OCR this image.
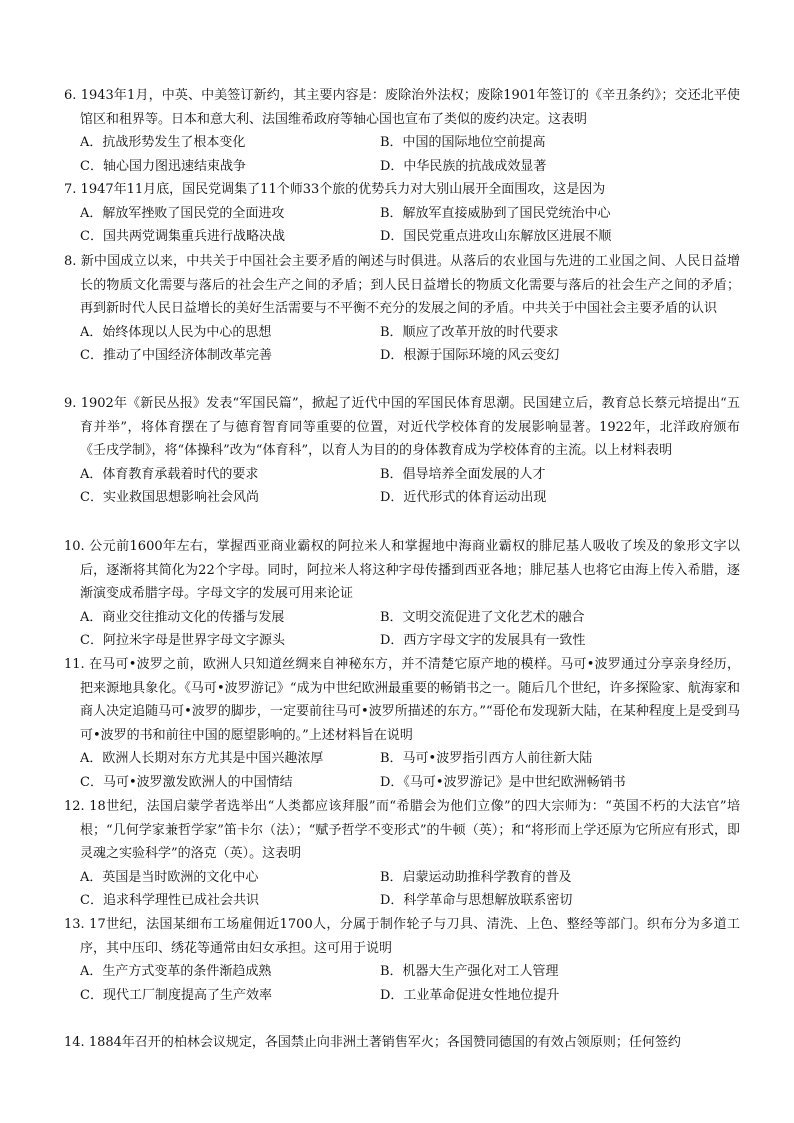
6. 1943年1月，中英、中美签订新约，其主要内容是：废除治外法权；废除1901年签订的《辛丑条约》；交还北平使馆区和租界等。日本和意大利、法国维希政府等轴心国也宣布了类似的废约决定。这表明

A．抗战形势发生了根本变化	B．中国的国际地位空前提高
C．轴心国力图迅速结束战争	D．中华民族的抗战成效显著

7. 1947年11月底，国民党调集了11个师33个旅的优势兵力对大别山展开全面围攻，这是因为

A．解放军挫败了国民党的全面进攻	B．解放军直接威胁到了国民党统治中心
C．国共两党调集重兵进行战略决战	D．国民党重点进攻山东解放区进展不顺

8. 新中国成立以来，中共关于中国社会主要矛盾的阐述与时俱进。从落后的农业国与先进的工业国之间、人民日益增长的物质文化需要与落后的社会生产之间的矛盾；到人民日益增长的物质文化需要与落后的社会生产之间的矛盾；再到新时代人民日益增长的美好生活需要与不平衡不充分的发展之间的矛盾。中共关于中国社会主要矛盾的认识

A．始终体现以人民为中心的思想	B．顺应了改革开放的时代要求
C．推动了中国经济体制改革完善	D．根源于国际环境的风云变幻

9. 1902年《新民丛报》发表“军国民篇”，掀起了近代中国的军国民体育思潮。民国建立后，教育总长蔡元培提出“五育并举”，将体育摆在了与德育智育同等重要的位置，对近代学校体育的发展影响显著。1922年，北洋政府颁布《壬戌学制》，将“体操科”改为“体育科”，以育人为目的的身体教育成为学校体育的主流。以上材料表明

A．体育教育承载着时代的要求	B．倡导培养全面发展的人才
C．实业救国思想影响社会风尚	D．近代形式的体育运动出现

10. 公元前1600年左右，掌握西亚商业霸权的阿拉米人和掌握地中海商业霸权的腓尼基人吸收了埃及的象形文字以后，逐渐将其简化为22个字母。同时，阿拉米人将这种字母传播到西亚各地；腓尼基人也将它由海上传入希腊，逐渐演变成希腊字母。字母文字的发展可用来论证

A．商业交往推动文化的传播与发展	B．文明交流促进了文化艺术的融合
C．阿拉米字母是世界字母文字源头	D．西方字母文字的发展具有一致性

11. 在马可•波罗之前，欧洲人只知道丝绸来自神秘东方，并不清楚它原产地的模样。马可•波罗通过分享亲身经历，把来源地具象化。《马可•波罗游记》“成为中世纪欧洲最重要的畅销书之一。随后几个世纪，许多探险家、航海家和商人决定追随马可•波罗的脚步，一定要前往马可•波罗所描述的东方。”“哥伦布发现新大陆，在某种程度上是受到马可•波罗的书和前往中国的愿望影响的。”上述材料旨在说明

A．欧洲人长期对东方尤其是中国兴趣浓厚	B．马可•波罗指引西方人前往新大陆
C．马可•波罗激发欧洲人的中国情结	D．《马可•波罗游记》是中世纪欧洲畅销书

12. 18世纪，法国启蒙学者选举出“人类都应该拜服”而“希腊会为他们立像”的四大宗师为：“英国不朽的大法官”培根；“几何学家兼哲学家”笛卡尔（法）；“赋予哲学不变形式”的牛顿（英）；和“将形而上学还原为它所应有形式，即灵魂之实验科学”的洛克（英）。这表明

A．英国是当时欧洲的文化中心	B．启蒙运动助推科学教育的普及
C．追求科学理性已成社会共识	D．科学革命与思想解放联系密切

13. 17世纪，法国某细布工场雇佣近1700人，分属于制作轮子与刀具、清洗、上色、整经等部门。织布分为多道工序，其中压印、绣花等通常由妇女承担。这可用于说明

A．生产方式变革的条件渐趋成熟	B．机器大生产强化对工人管理
C．现代工厂制度提高了生产效率	D．工业革命促进女性地位提升

14. 1884年召开的柏林会议规定，各国禁止向非洲土著销售军火；各国赞同德国的有效占领原则；任何签约
